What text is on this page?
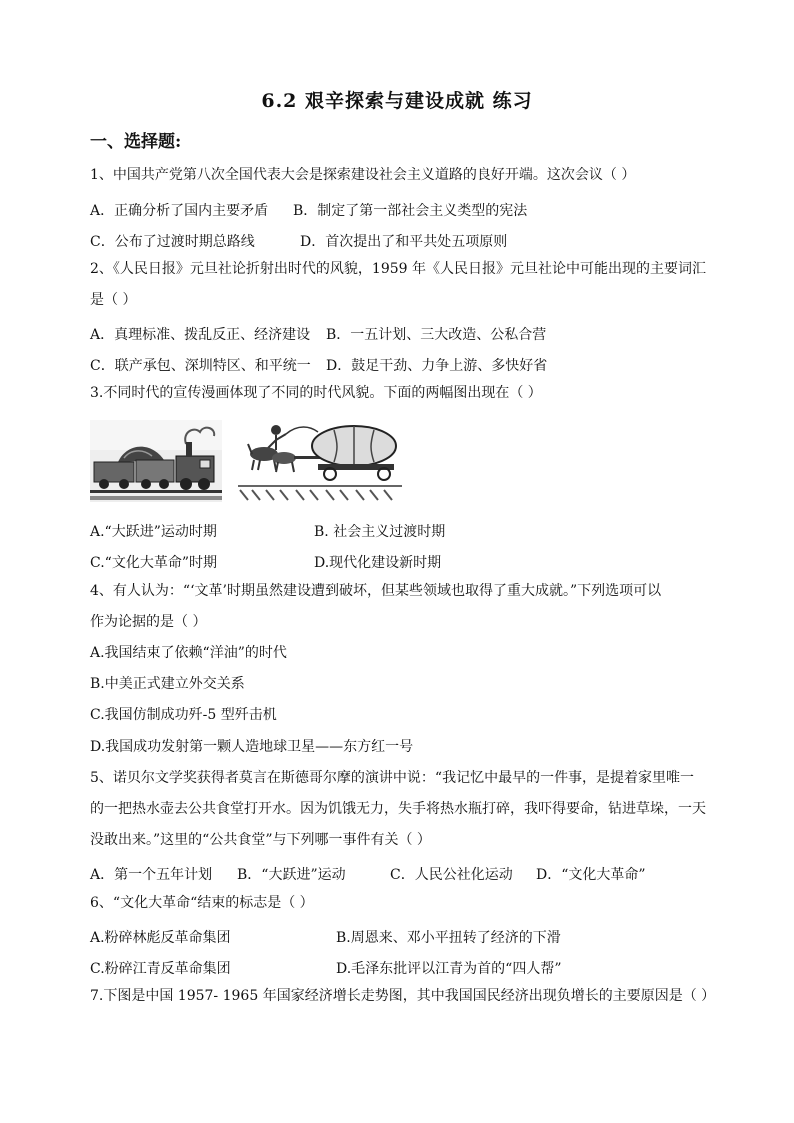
6.2 艰辛探索与建设成就 练习
一、选择题:
1、中国共产党第八次全国代表大会是探索建设社会主义道路的良好开端。这次会议（ ）
A．正确分析了国内主要矛盾 B．制定了第一部社会主义类型的宪法
C．公布了过渡时期总路线	D．首次提出了和平共处五项原则
2、《人民日报》元旦社论折射出时代的风貌，1959 年《人民日报》元旦社论中可能出现的主要词汇
是（ ）
A．真理标准、拨乱反正、经济建设 B．一五计划、三大改造、公私合营
C．联产承包、深圳特区、和平统一 D．鼓足干劲、力争上游、多快好省
3.不同时代的宣传漫画体现了不同的时代风貌。下面的两幅图出现在（ ）
A.“大跃进”运动时期	B. 社会主义过渡时期
C.“文化大革命”时期	D.现代化建设新时期
4、有人认为：“‘文革’时期虽然建设遭到破坏，但某些领域也取得了重大成就。”下列选项可以
作为论据的是（ ）
A.我国结束了依赖“洋油”的时代
B.中美正式建立外交关系
C.我国仿制成功歼-5 型歼击机
D.我国成功发射第一颗人造地球卫星——东方红一号
5、诺贝尔文学奖获得者莫言在斯德哥尔摩的演讲中说：“我记忆中最早的一件事，是提着家里唯一
的一把热水壶去公共食堂打开水。因为饥饿无力，失手将热水瓶打碎，我吓得要命，钻进草垛，一天
没敢出来。”这里的“公共食堂”与下列哪一事件有关（ ）
A．第一个五年计划 B．“大跃进”运动	C．人民公社化运动 D．“文化大革命”
6、“文化大革命“结束的标志是（ ）
A.粉碎林彪反革命集团	B.周恩来、邓小平扭转了经济的下滑
C.粉碎江青反革命集团	D.毛泽东批评以江青为首的“四人帮”
7.下图是中国 1957- 1965 年国家经济增长走势图，其中我国国民经济出现负增长的主要原因是（ ）
